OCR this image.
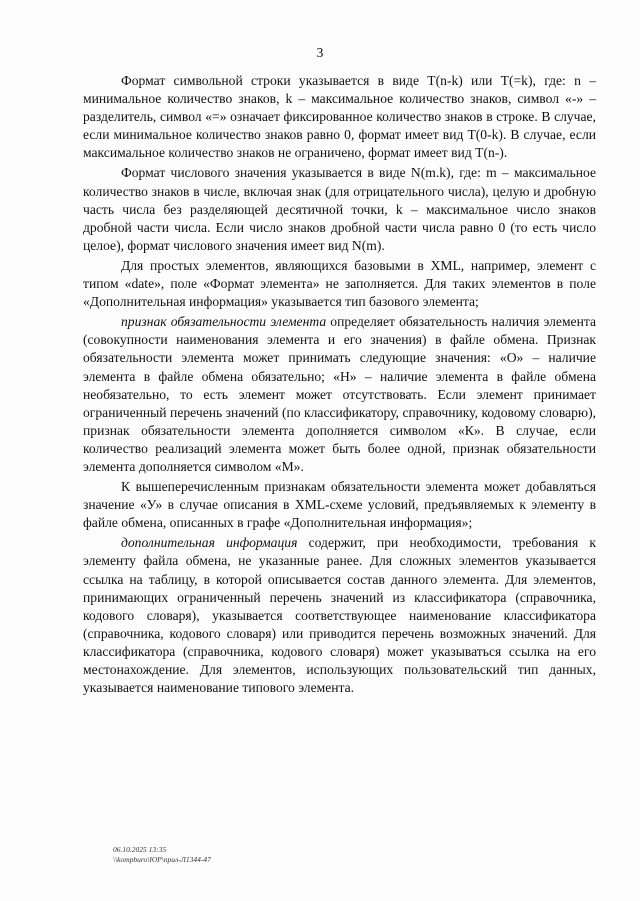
3

Формат символьной строки указывается в виде T(n-k) или T(=k), где: n – минимальное количество знаков, k – максимальное количество знаков, символ «-» – разделитель, символ «=» означает фиксированное количество знаков в строке. В случае, если минимальное количество знаков равно 0, формат имеет вид T(0-k). В случае, если максимальное количество знаков не ограничено, формат имеет вид T(n-).

Формат числового значения указывается в виде N(m.k), где: m – максимальное количество знаков в числе, включая знак (для отрицательного числа), целую и дробную часть числа без разделяющей десятичной точки, k – максимальное число знаков дробной части числа. Если число знаков дробной части числа равно 0 (то есть число целое), формат числового значения имеет вид N(m).

Для простых элементов, являющихся базовыми в XML, например, элемент с типом «date», поле «Формат элемента» не заполняется. Для таких элементов в поле «Дополнительная информация» указывается тип базового элемента;

признак обязательности элемента определяет обязательность наличия элемента (совокупности наименования элемента и его значения) в файле обмена. Признак обязательности элемента может принимать следующие значения: «О» – наличие элемента в файле обмена обязательно; «Н» – наличие элемента в файле обмена необязательно, то есть элемент может отсутствовать. Если элемент принимает ограниченный перечень значений (по классификатору, справочнику, кодовому словарю), признак обязательности элемента дополняется символом «К». В случае, если количество реализаций элемента может быть более одной, признак обязательности элемента дополняется символом «М».

К вышеперечисленным признакам обязательности элемента может добавляться значение «У» в случае описания в XML-схеме условий, предъявляемых к элементу в файле обмена, описанных в графе «Дополнительная информация»;

дополнительная информация содержит, при необходимости, требования к элементу файла обмена, не указанные ранее. Для сложных элементов указывается ссылка на таблицу, в которой описывается состав данного элемента. Для элементов, принимающих ограниченный перечень значений из классификатора (справочника, кодового словаря), указывается соответствующее наименование классификатора (справочника, кодового словаря) или приводится перечень возможных значений. Для классификатора (справочника, кодового словаря) может указываться ссылка на его местонахождение. Для элементов, использующих пользовательский тип данных, указывается наименование типового элемента.

06.10.2025 13:35
\\kompburo\ЮР\прил-Л1344-47
